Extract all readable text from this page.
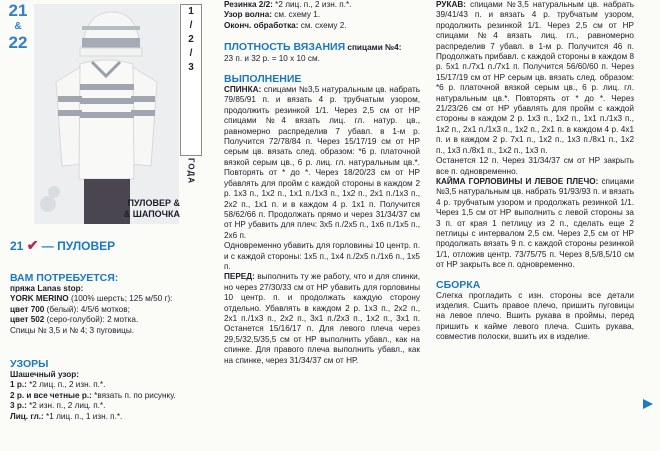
21
&
22
1
/
2
/
3
ГОДА
ПУЛОВЕР &
& ШАПОЧКА
21 ✔ — ПУЛОВЕР
ВАМ ПОТРЕБУЕТСЯ:

пряжа Lanas stop:

YORK MERINO (100% шерсть; 125 м/50 г):

цвет 700 (белый): 4/5/6 мотков;

цвет 502 (серо-голубой): 2 мотка.

Спицы № 3,5 и № 4; 3 пуговицы.

УЗОРЫ

Шашечный узор:

1 р.: *2 лиц. п., 2 изн. п.*.

2 р. и все четные р.: *вязать п. по рисунку.

3 р.: *2 изн. п., 2 лиц. п.*.

Лиц. гл.: *1 лиц. п., 1 изн. п.*.

Резинка 2/2: *2 лиц. п., 2 изн. п.*.

Узор волна: см. схему 1.

Оконч. обработка: см. схему 2.

ПЛОТНОСТЬ ВЯЗАНИЯ спицами №4:

23 п. и 32 р. = 10 х 10 см.

ВЫПОЛНЕНИЕ

СПИНКА: спицами №3,5 натуральным цв. набрать 79/85/91 п. и вязать 4 р. трубчатым узором, продолжить резинкой 1/1. Через 2,5 см от НР спицами №4 вязать лиц. гл. натур. цв., равномерно распределив 7 убавл. в 1-м р. Получится 72/78/84 п. Через 15/17/19 см от НР серым цв. вязать след. образом: *6 р. платочной вязкой серым цв., 6 р. лиц. гл. натуральным цв.*. Повторять от * до *. Через 18/20/23 см от НР убавлять для пройм с каждой стороны в каждом 2 р. 1х3 п., 1х2 п., 1х1 п./1х3 п., 1х2 п., 2х1 п./1х3 п., 2х2 п., 1х1 п. и в каждом 4 р. 1х1 п. Получится 58/62/66 п. Продолжать прямо и через 31/34/37 см от НР убавить для плеч: 3х5 п./2х5 п., 1х6 п./1х5 п., 2х6 п.

Одновременно убавить для горловины 10 центр. п. и с каждой стороны: 1х5 п., 1х4 п./2х5 п./1х6 п., 1х5 п.

ПЕРЕД: выполнить ту же работу, что и для спинки, но через 27/30/33 см от НР убавить для горловины 10 центр. п. и продолжать каждую сторону отдельно. Убавлять в каждом 2 р. 1х3 п., 2х2 п., 2х1 п./1х3 п., 2х2 п., 3х1 п./2х3 п., 1х2 п., 3х1 п. Останется 15/16/17 п. Для левого плеча через 29,5/32,5/35,5 см от НР выполнить убавл., как на спинке. Для правого плеча выполнить убавл., как на спинке, через 31/34/37 см от НР.

РУКАВ: спицами №3,5 натуральным цв. набрать 39/41/43 п. и вязать 4 р. трубчатым узором, продолжить резинкой 1/1. Через 2,5 см от НР спицами №4 вязать лиц. гл., равномерно распределив 7 убавл. в 1-м р. Получится 46 п. Продолжать прибавл. с каждой стороны в каждом 8 р. 5х1 п./7х1 п./7х1 п. Получится 56/60/60 п. Через 15/17/19 см от НР серым цв. вязать след. образом: *6 р. платочной вязкой серым цв., 6 р. лиц. гл. натуральным цв.*. Повторять от * до *. Через 21/23/26 см от НР убавлять для пройм с каждой стороны в каждом 2 р. 1х3 п., 1х2 п., 1х1 п./1х3 п., 1х2 п., 2х1 п./1х3 п., 1х2 п., 2х1 п. в каждом 4 р. 4х1 п. и в каждом 2 р. 7х1 п., 1х2 п., 1х3 п./8х1 п., 1х2 п., 1х3 п./8х1 п., 1х2 п., 1х3 п.

Останется 12 п. Через 31/34/37 см от НР закрыть все п. одновременно.

КАЙМА ГОРЛОВИНЫ И ЛЕВОЕ ПЛЕЧО: спицами №3,5 натуральным цв. набрать 91/93/93 п. и вязать 4 р. трубчатым узором и продолжать резинкой 1/1. Через 1,5 см от НР выполнить с левой стороны за 3 п. от края 1 петлицу из 2 п., сделать еще 2 петлицы с интервалом 2,5 см. Через 2,5 см от НР продолжать вязать 9 п. с каждой стороны резинкой 1/1, отложив центр. 73/75/75 п. Через 8,5/8,5/10 см от НР закрыть все п. одновременно.

СБОРКА

Слегка прогладить с изн. стороны все детали изделия. Сшить правое плечо, пришить пуговицы на левое плечо. Вшить рукава в проймы, перед пришить к кайме левого плеча. Сшить рукава, совместив полоски, вшить их в изделие.
